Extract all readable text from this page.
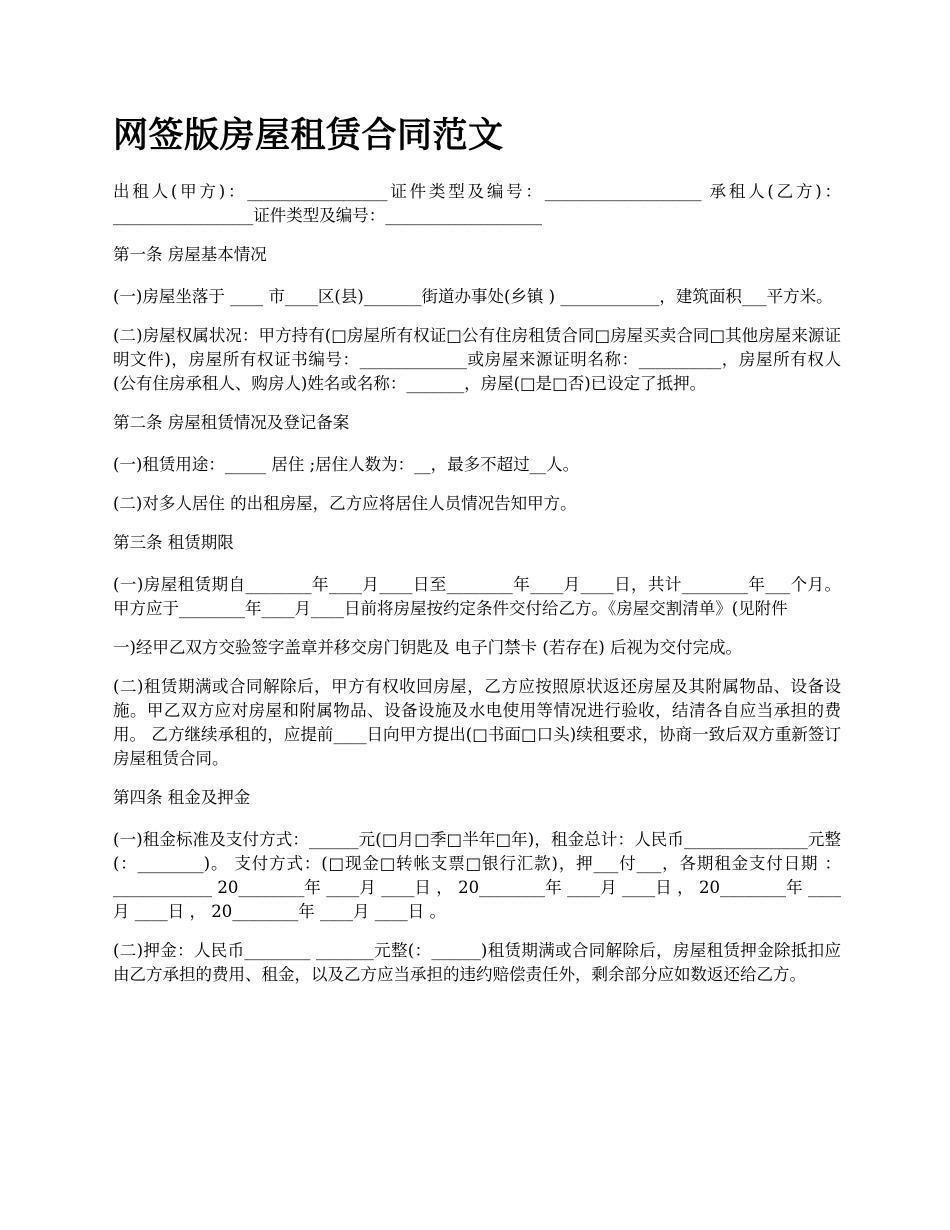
网签版房屋租赁合同范文

出租人(甲方)：_________________证件类型及编号：___________________ 承租人(乙方)：_________________证件类型及编号：___________________

第一条 房屋基本情况

(一)房屋坐落于 ____ 市____区(县)_______街道办事处(乡镇 ) ____________，建筑面积___平方米。

(二)房屋权属状况：甲方持有(□房屋所有权证□公有住房租赁合同□房屋买卖合同□其他房屋来源证明文件)，房屋所有权证书编号：_____________或房屋来源证明名称：__________，房屋所有权人(公有住房承租人、购房人)姓名或名称：_______，房屋(□是□否)已设定了抵押。

第二条 房屋租赁情况及登记备案

(一)租赁用途：_____ 居住 ;居住人数为：__，最多不超过__人。

(二)对多人居住 的出租房屋，乙方应将居住人员情况告知甲方。

第三条 租赁期限

(一)房屋租赁期自________年____月____日至________年____月____日，共计________年___个月。甲方应于________年____月____日前将房屋按约定条件交付给乙方。《房屋交割清单》(见附件

一)经甲乙双方交验签字盖章并移交房门钥匙及 电子门禁卡 (若存在) 后视为交付完成。

(二)租赁期满或合同解除后，甲方有权收回房屋，乙方应按照原状返还房屋及其附属物品、设备设施。甲乙双方应对房屋和附属物品、设备设施及水电使用等情况进行验收，结清各自应当承担的费用。 乙方继续承租的，应提前____日向甲方提出(□书面□口头)续租要求，协商一致后双方重新签订房屋租赁合同。

第四条 租金及押金

(一)租金标准及支付方式：______元(□月□季□半年□年)，租金总计：人民币_______________元整(：________)。 支付方式：(□现金□转帐支票□银行汇款)，押___付___，各期租金支付日期 ：____________ 20________年 ____月 ____日 ， 20________年 ____月 ____日 ， 20________年 ____月 ____日 ， 20________年 ____月 ____日 。

(二)押金：人民币________ _______元整(：______)租赁期满或合同解除后，房屋租赁押金除抵扣应由乙方承担的费用、租金，以及乙方应当承担的违约赔偿责任外，剩余部分应如数返还给乙方。
